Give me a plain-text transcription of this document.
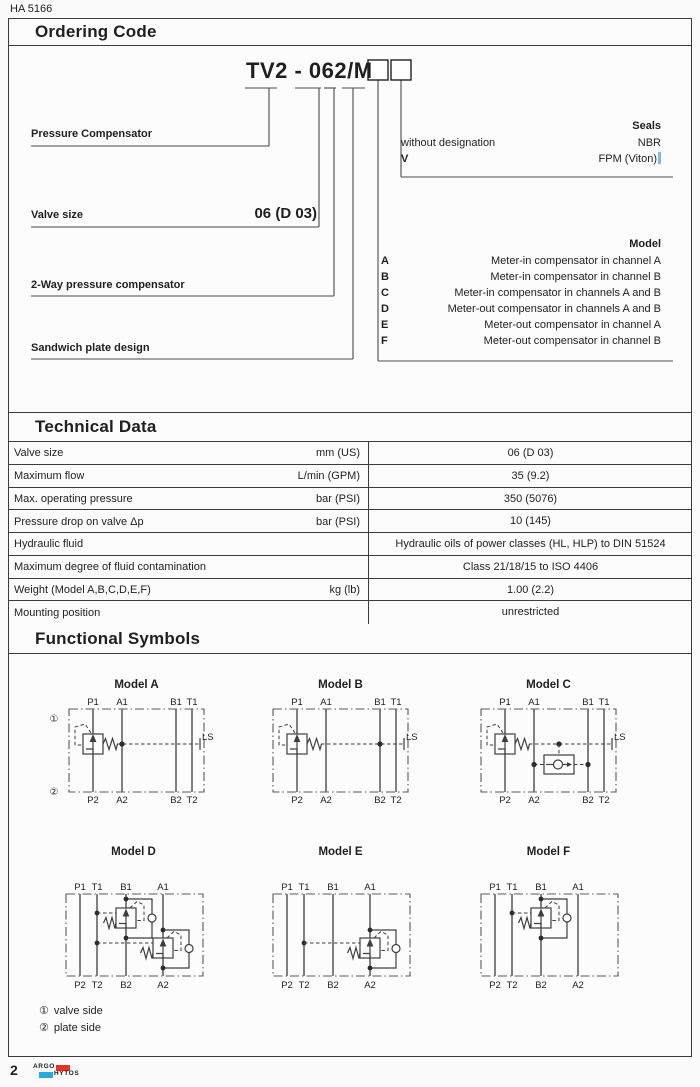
HA 5166
Ordering Code
TV2 - 062/M
Pressure Compensator
Valve size	06 (D 03)
2-Way pressure compensator
Sandwich plate design
Seals
without designation	NBR
V	FPM (Viton)
Model
A	Meter-in compensator in channel A
B	Meter-in compensator in channel B
C	Meter-in compensator in channels A and B
D	Meter-out compensator in channels A and B
E	Meter-out compensator in channel A
F	Meter-out compensator in channel B
Technical Data
Valve size	mm (US)	06 (D 03)
Maximum flow	L/min (GPM)	35 (9.2)
Max. operating pressure	bar (PSI)	350 (5076)
Pressure drop on valve Δp	bar (PSI)	10 (145)
Hydraulic fluid	Hydraulic oils of power classes (HL, HLP) to DIN 51524
Maximum degree of fluid contamination	Class 21/18/15 to ISO 4406
Weight (Model A,B,C,D,E,F)	kg (lb)	1.00 (2.2)
Mounting position	unrestricted
Functional Symbols
Model A	Model B	Model C
P1 A1	B1 T1
P2 A2	B2 T2
①
②
LS
P1 A1	B1 T1
P2 A2	B2 T2
LS
P1 A1	B1 T1
P2 A2	B2 T2
LS
Model D	Model E	Model F
P1 T1 B1	A1
P2 T2 B2	A2
P1 T1 B1	A1
P2 T2 B2	A2
P1 T1 B1	A1
P2 T2 B2	A2
① valve side
② plate side
2 ARGO
HYTOS
